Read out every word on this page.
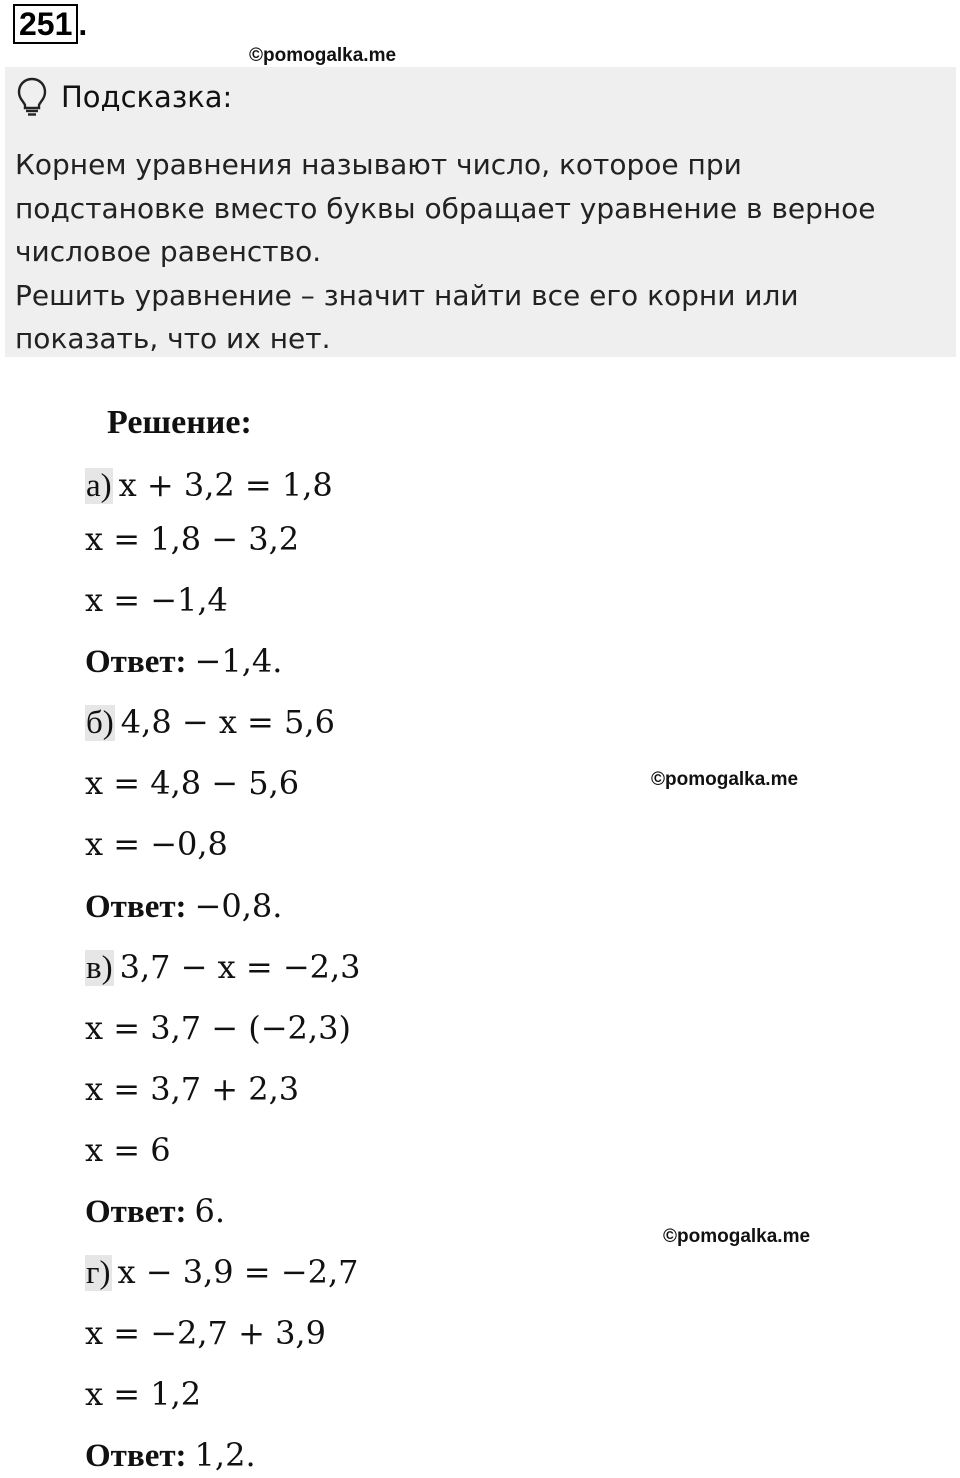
251 .
©pomogalka.me
©pomogalka.me
©pomogalka.me
Подсказка:

Корнем уравнения называют число, которое при подстановке вместо буквы обращает уравнение в верное числовое равенство.

Решить уравнение – значит найти все его корни или показать, что их нет.

Решение:
а) x + 3,2 = 1,8
x = 1,8 − 3,2
x = −1,4
Ответ: −1,4.
б) 4,8 − x = 5,6
x = 4,8 − 5,6
x = −0,8
Ответ: −0,8.
в) 3,7 − x = −2,3
x = 3,7 − (−2,3)
x = 3,7 + 2,3
x = 6
Ответ: 6.
г) x − 3,9 = −2,7
x = −2,7 + 3,9
x = 1,2
Ответ: 1,2.
